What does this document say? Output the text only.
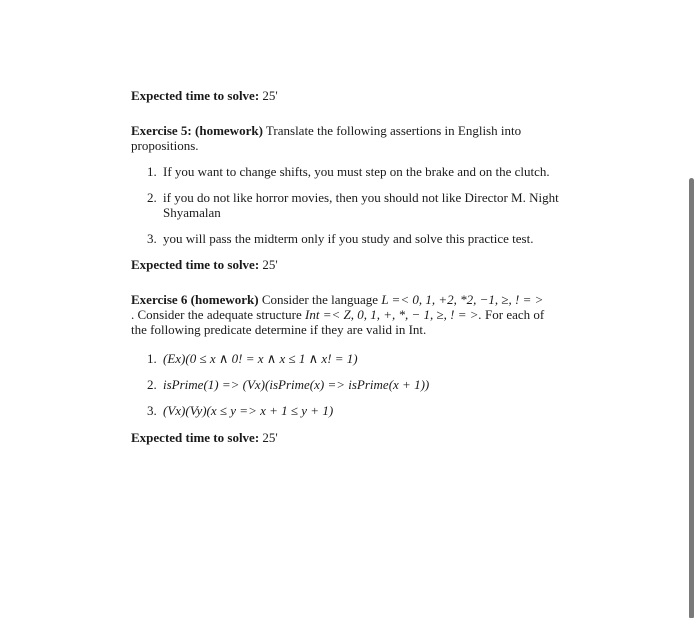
Expected time to solve: 25'
Exercise 5: (homework) Translate the following assertions in English into
propositions.
1. If you want to change shifts, you must step on the brake and on the clutch.
2. if you do not like horror movies, then you should not like Director M. Night
Shyamalan
3. you will pass the midterm only if you study and solve this practice test.
Expected time to solve: 25'
Exercise 6 (homework) Consider the language L =< 0, 1, +2, *2, −1, ≥, ! = >
. Consider the adequate structure Int =< Z, 0, 1, +, *, − 1, ≥, ! = >. For each of
the following predicate determine if they are valid in Int.
1. (Ex)(0 ≤ x ∧ 0! = x ∧ x ≤ 1 ∧ x! = 1)
2. isPrime(1) => (Vx)(isPrime(x) => isPrime(x + 1))
3. (Vx)(Vy)(x ≤ y => x + 1 ≤ y + 1)
Expected time to solve: 25'
